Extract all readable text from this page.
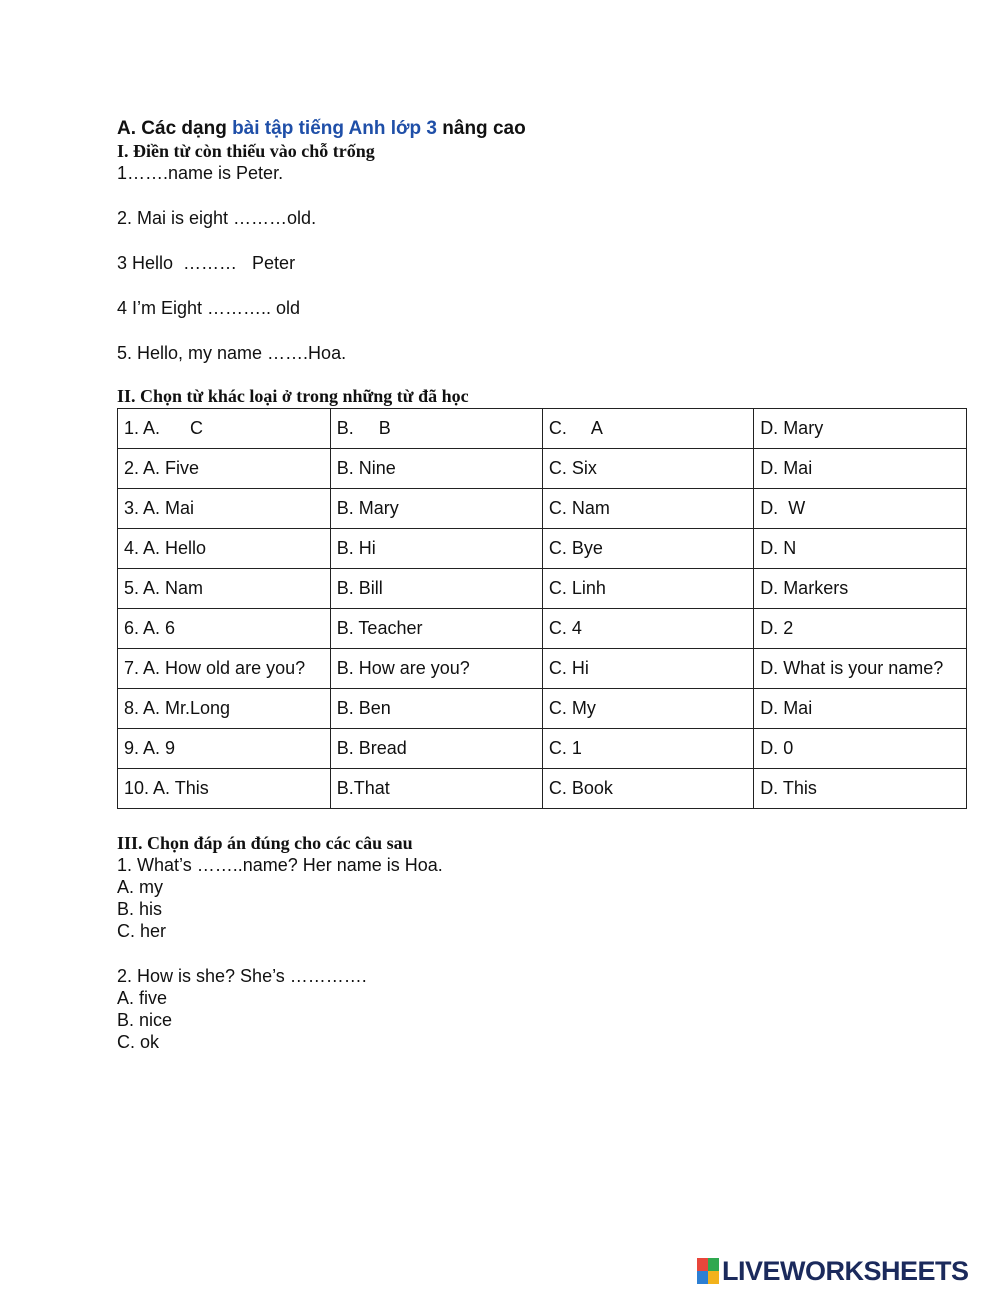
A. Các dạng bài tập tiếng Anh lớp 3 nâng cao

I. Điền từ còn thiếu vào chỗ trống

1…….name is Peter.

2. Mai is eight ………old.

3 Hello  ………   Peter

4 I’m Eight ……….. old

5. Hello, my name …….Hoa.

II. Chọn từ khác loại ở trong những từ đã học

1. A.      C	B.     B	C.     A	D. Mary
2. A. Five	B. Nine	C. Six	D. Mai
3. A. Mai	B. Mary	C. Nam	D.  W
4. A. Hello	B. Hi	C. Bye	D. N
5. A. Nam	B. Bill	C. Linh	D. Markers
6. A. 6	B. Teacher	C. 4	D. 2
7. A. How old are you?	B. How are you?	C. Hi	D. What is your name?
8. A. Mr.Long	B. Ben	C. My	D. Mai
9. A. 9	B. Bread	C. 1	D. 0
10. A. This	B.That	C. Book	D. This

III. Chọn đáp án đúng cho các câu sau

1. What’s ……..name? Her name is Hoa.

A. my

B. his

C. her

2. How is she? She’s ………….

A. five

B. nice

C. ok

LIVEWORKSHEETS
